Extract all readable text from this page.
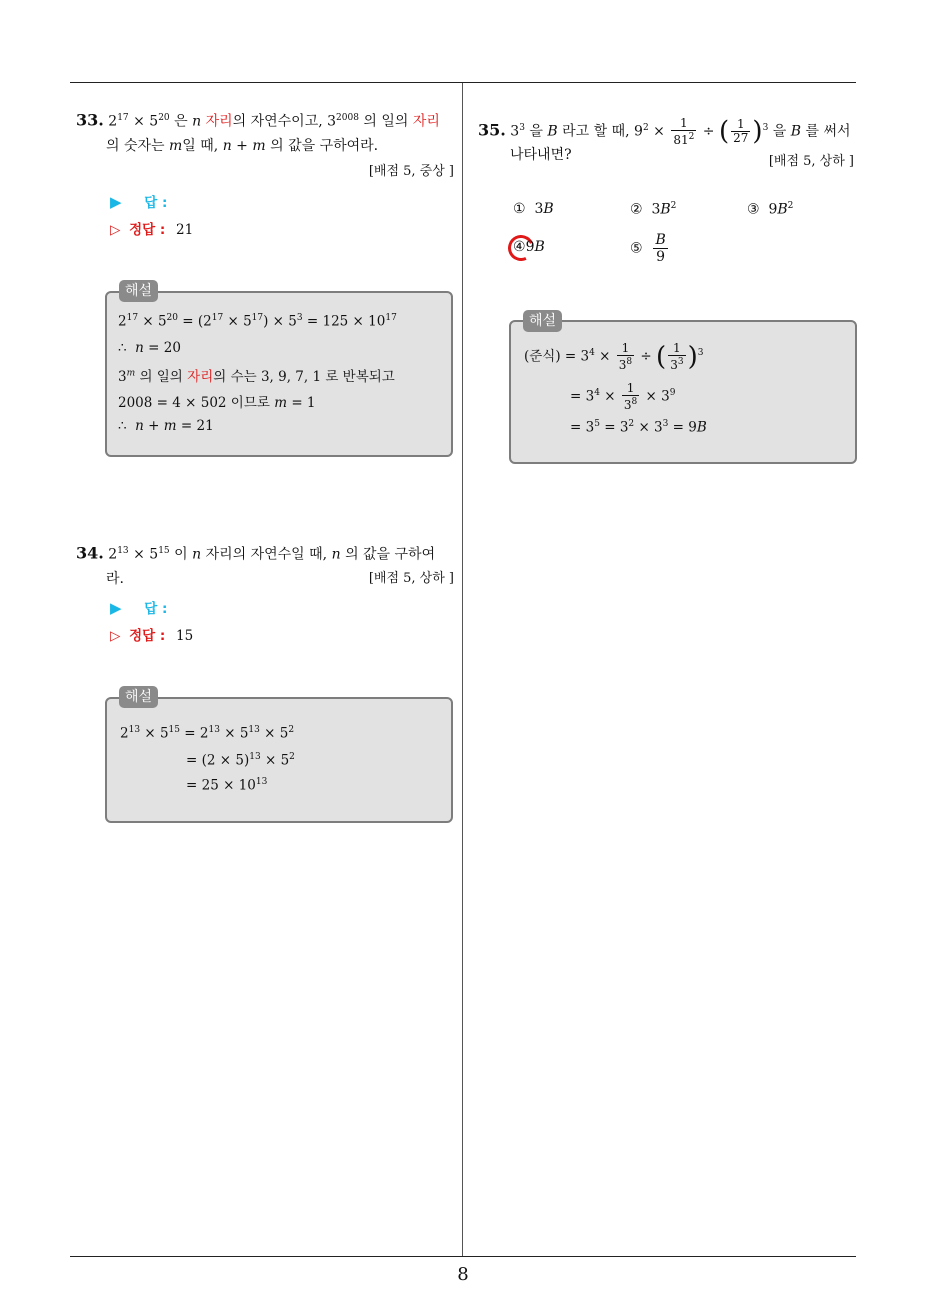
8
33. $2^{17} \times 5^{20}$ 은 n 자리의 자연수이고, $3^{2008}$ 의 일의 자리
의 숫자는 m일 때, n + m 의 값을 구하여라.
[배점 5, 중상 ]
▶ 답 :
▷ 정답 : 21
해설
$2^{17} \times 5^{20} = (2^{17} \times 5^{17}) \times 5^3 = 125 \times 10^{17}$
∴  n = 20
3$^m$ 의 일의 자리의 수는 3, 9, 7, 1 로 반복되고
2008 = 4 × 502 이므로 m = 1
∴  n + m = 21
34. $2^{13} \times 5^{15}$ 이 n 자리의 자연수일 때, n 의 값을 구하여
라.	[배점 5, 상하 ]
▶ 답 :
▷ 정답 : 15
해설
$2^{13} \times 5^{15} = 2^{13} \times 5^{13} \times 5^2$
= $(2 \times 5)^{13} \times 5^2$
= $25 \times 10^{13}$
35. $3^3$ 을 B 라고 할 때, $9^2 \times \frac{1}{81^2}$ ÷ ( $\frac{1}{27} )^3$ 을 B 를 써서
나타내면?	[배점 5, 상하 ]
①  3B	②  $3B^2$	③  $9B^2$
④9B	⑤ $\frac{B}{9}$
해설
(준식) = $3^4 \times \frac{1}{3^8}$ ÷ ( $\frac{1}{3^3} )^3$
= $3^4 \times \frac{1}{3^8} \times 3^9$
= $3^5 = 3^2 \times 3^3 = 9B$
